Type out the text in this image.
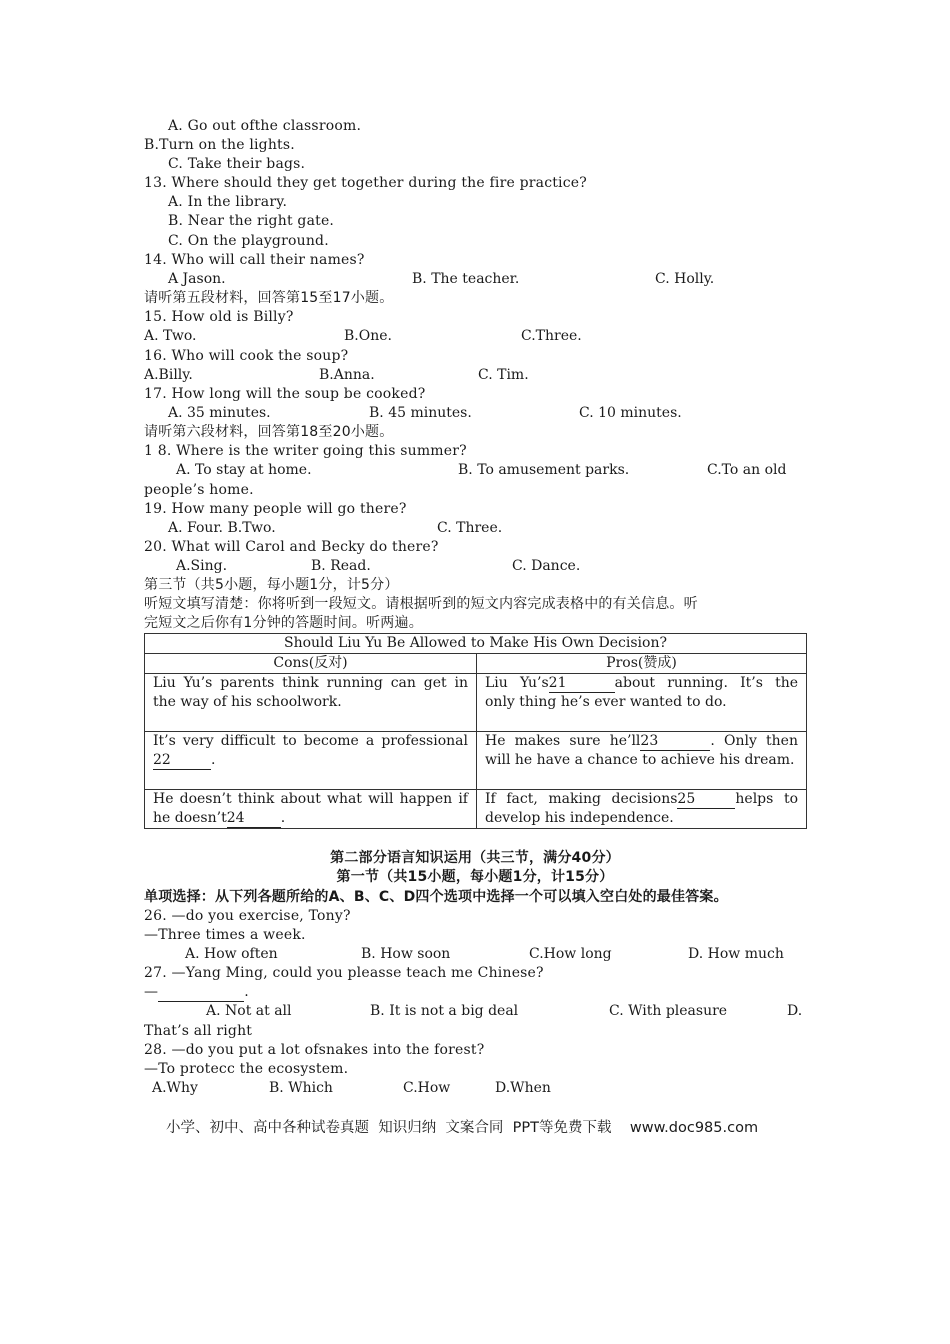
A. Go out ofthe classroom.
B.Turn on the lights.
C. Take their bags.
13. Where should they get together during the fire practice?
A. In the library.
B. Near the right gate.
C. On the playground.
14. Who will call their names?
A Jason.	B. The teacher.	C. Holly.
请听第五段材料，回答第15至17小题。
15. How old is Billy?
A. Two.	B.One.	C.Three.
16. Who will cook the soup?
A.Billy.	B.Anna.	C. Tim.
17. How long will the soup be cooked?
A. 35 minutes.	B. 45 minutes.	C. 10 minutes.
请听第六段材料，回答第18至20小题。
1 8. Where is the writer going this summer?
A. To stay at home.	B. To amusement parks.	C.To an old
people’s home.
19. How many people will go there?
A. Four. B.Two.	C. Three.
20. What will Carol and Becky do there?
A.Sing.	B. Read.	C. Dance.
第三节（共5小题，每小题1分，计5分）
听短文填写清楚：你将听到一段短文。请根据听到的短文内容完成表格中的有关信息。听
完短文之后你有1分钟的答题时间。听两遍。
Should Liu Yu Be Allowed to Make His Own Decision?	
Cons(反对)	Pros(赞成)
Liu Yu’s parents think running can get in the way of his schoolwork.	Liu Yu’s21 about running. It’s the only thing he’s ever wanted to do.
It’s very difficult to become a professional 22 .	He makes sure he’ll23 . Only then will he have a chance to achieve his dream.
He doesn’t think about what will happen if he doesn’t24 .	If fact, making decisions25 helps to develop his independence.
第二部分语言知识运用（共三节，满分40分）
第一节（共15小题，每小题1分，计15分）
单项选择：从下列各题所给的A、B、C、D四个选项中选择一个可以填入空白处的最佳答案。
26. —do you exercise, Tony?
—Three times a week.
A. How often	B. How soon	C.How long	D. How much
27. —Yang Ming, could you pleasse teach me Chinese?
—	.
A. Not at all	B. It is not a big deal	C. With pleasure	D.
That’s all right
28. —do you put a lot ofsnakes into the forest?
—To protecc the ecosystem.
A.Why	B. Which	C.How	D.When
小学、初中、高中各种试卷真题  知识归纳  文案合同  PPT等免费下载    www.doc985.com
